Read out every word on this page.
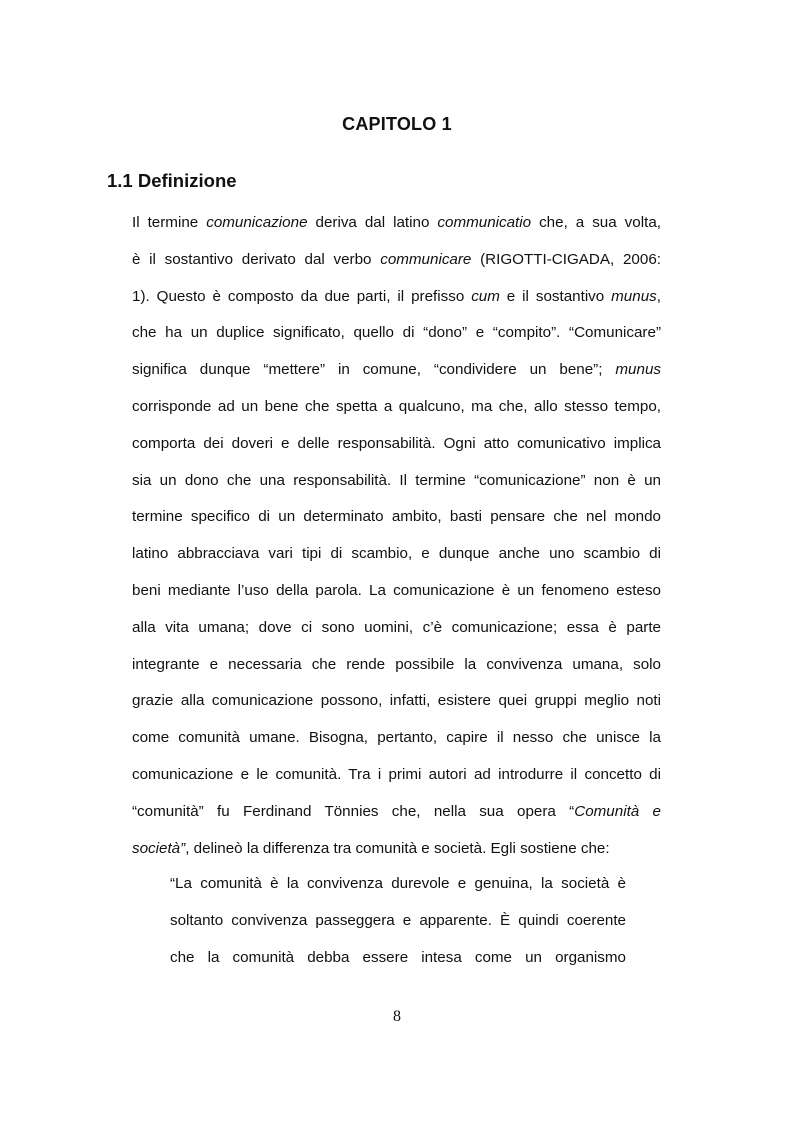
CAPITOLO 1
1.1 Definizione
Il termine comunicazione deriva dal latino communicatio che, a sua volta,
è il sostantivo derivato dal verbo communicare (RIGOTTI-CIGADA, 2006:
1). Questo è composto da due parti, il prefisso cum e il sostantivo munus,
che ha un duplice significato, quello di “dono” e “compito”. “Comunicare”
significa dunque “mettere” in comune, “condividere un bene”; munus
corrisponde ad un bene che spetta a qualcuno, ma che, allo stesso tempo,
comporta dei doveri e delle responsabilità. Ogni atto comunicativo implica
sia un dono che una responsabilità. Il termine “comunicazione” non è un
termine specifico di un determinato ambito, basti pensare che nel mondo
latino abbracciava vari tipi di scambio, e dunque anche uno scambio di
beni mediante l’uso della parola. La comunicazione è un fenomeno esteso
alla vita umana; dove ci sono uomini, c’è comunicazione; essa è parte
integrante e necessaria che rende possibile la convivenza umana, solo
grazie alla comunicazione possono, infatti, esistere quei gruppi meglio noti
come comunità umane. Bisogna, pertanto, capire il nesso che unisce la
comunicazione e le comunità. Tra i primi autori ad introdurre il concetto di
“comunità” fu Ferdinand Tönnies che, nella sua opera “Comunità e
società”, delineò la differenza tra comunità e società. Egli sostiene che:
“La comunità è la convivenza durevole e genuina, la società è
soltanto convivenza passeggera e apparente. È quindi coerente
che la comunità debba essere intesa come un organismo
8
